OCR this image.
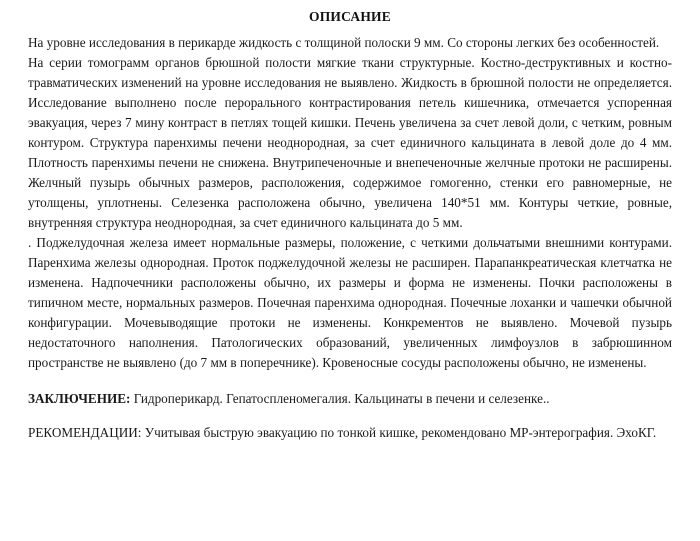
ОПИСАНИЕ

На уровне исследования в перикарде жидкость с толщиной полоски 9 мм. Со стороны легких без особенностей.

На серии томограмм органов брюшной полости мягкие ткани структурные. Костно-деструктивных и костно-травматических изменений на уровне исследования не выявлено. Жидкость в брюшной полости не определяется. Исследование выполнено после перорального контрастирования петель кишечника, отмечается успоренная эвакуация, через 7 мину контраст в петлях тощей кишки. Печень увеличена за счет левой доли, с четким, ровным контуром. Структура паренхимы печени неоднородная, за счет единичного кальцината в левой доле до 4 мм. Плотность паренхимы печени не снижена. Внутрипеченочные и внепеченочные желчные протоки не расширены. Желчный пузырь обычных размеров, расположения, содержимое гомогенно, стенки его равномерные, не утолщены, уплотнены. Селезенка расположена обычно, увеличена 140*51 мм. Контуры четкие, ровные, внутренняя структура неоднородная, за счет единичного кальцината до 5 мм.

. Поджелудочная железа имеет нормальные размеры, положение, с четкими дольчатыми внешними контурами. Паренхима железы однородная. Проток поджелудочной железы не расширен. Парапанкреатическая клетчатка не изменена. Надпочечники расположены обычно, их размеры и форма не изменены. Почки расположены в типичном месте, нормальных размеров. Почечная паренхима однородная. Почечные лоханки и чашечки обычной конфигурации. Мочевыводящие протоки не изменены. Конкрементов не выявлено. Мочевой пузырь недостаточного наполнения. Патологических образований, увеличенных лимфоузлов в забрюшинном пространстве не выявлено (до 7 мм в поперечнике). Кровеносные сосуды расположены обычно, не изменены.

ЗАКЛЮЧЕНИЕ: Гидроперикард. Гепатоспленомегалия. Кальцинаты в печени и селезенке..

РЕКОМЕНДАЦИИ: Учитывая быструю эвакуацию по тонкой кишке, рекомендовано МР-энтерография. ЭхоКГ.
